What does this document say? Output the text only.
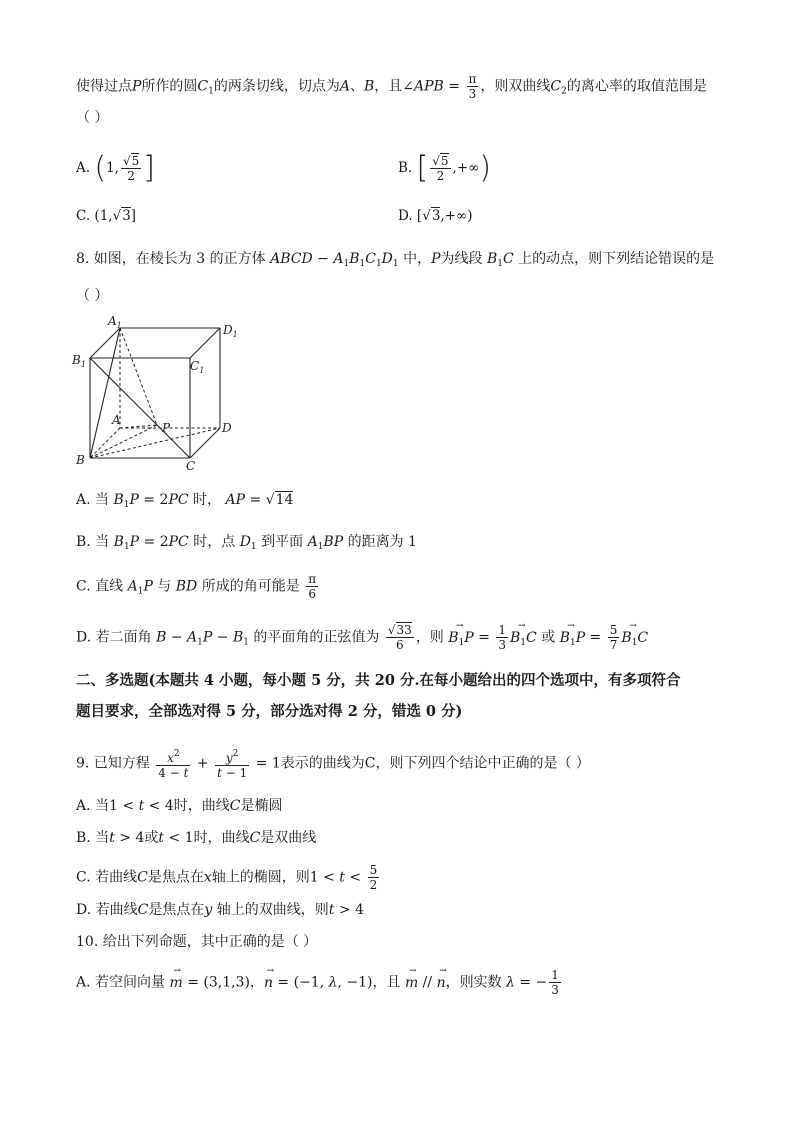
使得过点P所作的圆$C_1$的两条切线，切点为A、B，且∠APB = $\frac{\pi}{3}$ ，则双曲线$C_2$的离心率的取值范围是
（ ）
A. (1,
√ $\frac{5}{2}$ ]	B. [
√ $\frac{5}{2}$ ,+∞)
C. (1,√ 3]	D. [√ 3,+∞)
8. 如图，在棱长为 3 的正方体 ABCD − $A_1B_1C_1D_1$ 中，P为线段 $B_1C$ 上的动点，则下列结论错误的是
（ ）
$A_1$	$D_1$
$B_1$	$C_1$
A
P	D
B	C
A. 当 $B_1P = 2PC$ 时， AP = √ 14
B. 当 $B_1P = 2PC$ 时，点 $D_1$ 到平面 $A_1BP$ 的距离为 1
C. 直线 $A_1P$ 与 BD 所成的角可能是 $\frac{\pi}{6}$
D. 若二面角 $B - A_1P - B_1$ 的平面角的正弦值为
√ $\frac{33}{6}$ ，则 → $B_1P = \frac{1}{3}$
→ $B_1C$ 或 → $B_1P = \frac{5}{7}$
→ $B_1C$
二、多选题(本题共 4 小题，每小题 5 分，共 20 分.在每小题给出的四个选项中，有多项符合
题目要求，全部选对得 5 分，部分选对得 2 分，错选 0 分)
9. 已知方程 $\frac{x^2}{4 - t} + \frac{y^2}{t - 1} = 1$表示的曲线为C，则下列四个结论中正确的是（ ）
A. 当1 < t < 4时，曲线C是椭圆
B. 当t > 4或t < 1时，曲线C是双曲线
C. 若曲线C是焦点在x轴上的椭圆，则$1 < t < \frac{5}{2}$
D. 若曲线C是焦点在y 轴上的双曲线，则t > 4
10. 给出下列命题，其中正确的是（ ）
A. 若空间向量 → m = (3,1,3)，→ n = (−1, λ, −1)，且 → m // → n，则实数 λ = − $\frac{1}{3}$
